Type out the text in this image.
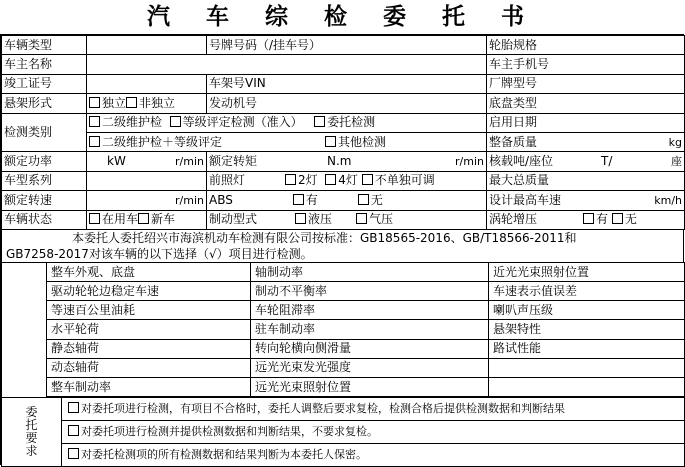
汽 车 综 检 委 托 书
车辆类型		号牌号码（/挂车号）	轮胎规格
车主名称			车主手机号
竣工证号		车架号VIN	厂牌型号
悬架形式	独立 非独立	发动机号	底盘类型
检测类别	二级维护检 等级评定检测（准入） 委托检测		启用日期
	二级维护检＋等级评定 其他检测		整备质量 kg

额定功率	kW r/min	额定转矩 N.m r/min	核载吨/座位 T/ 座

车型系列		前照灯 2灯 4灯 不单独可调	最大总质量
额定转速	r/min	ABS 有 无	设计最高车速 km/h

车辆状态	在用车 新车	制动型式 液压 气压	涡轮增压 有 无
本委托人委托绍兴市海滨机动车检测有限公司按标准：GB18565-2016、GB/T18566-2011和
GB7258-2017对该车辆的以下选择（√）项目进行检测。
	整车外观、底盘	轴制动率	近光光束照射位置
	驱动轮轮边稳定车速	制动不平衡率	车速表示值误差
	等速百公里油耗	车轮阻滞率	喇叭声压级
	水平轮荷	驻车制动率	悬架特性
	静态轴荷	转向轮横向侧滑量	路试性能
	动态轴荷	远光光束发光强度	
	整车制动率	远光光束照射位置	
委托要求
	对委托项进行检测，有项目不合格时，委托人调整后要求复检，检测合格后提供检测数据和判断结果
对委托项进行检测并提供检测数据和判断结果，不要求复检。
对委托检测项的所有检测数据和结果判断为本委托人保密。
